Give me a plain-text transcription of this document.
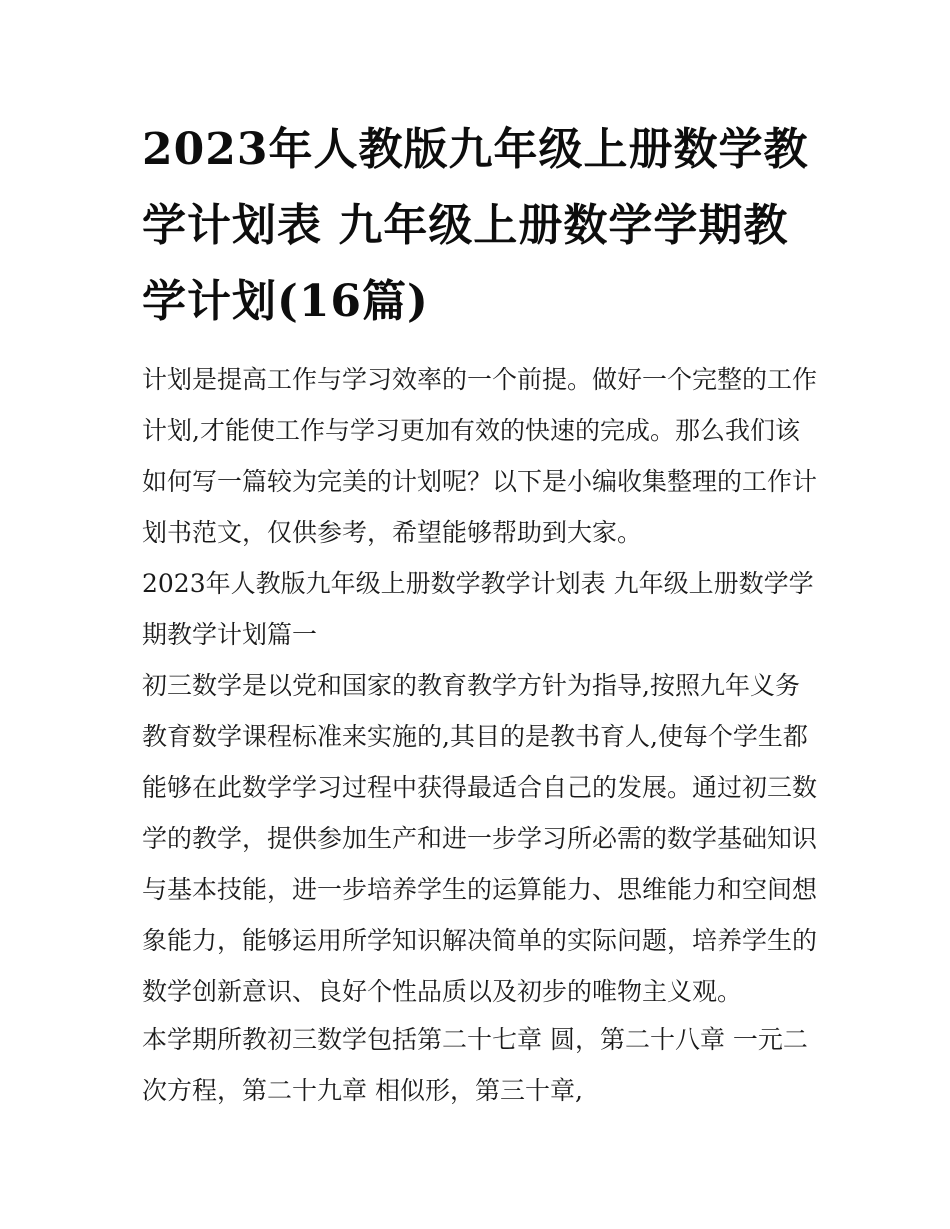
2023年人教版九年级上册数学教学计划表 九年级上册数学学期教学计划(16篇)

计划是提高工作与学习效率的一个前提。做好一个完整的工作计划,才能使工作与学习更加有效的快速的完成。那么我们该如何写一篇较为完美的计划呢？以下是小编收集整理的工作计划书范文，仅供参考，希望能够帮助到大家。

2023年人教版九年级上册数学教学计划表 九年级上册数学学期教学计划篇一

初三数学是以党和国家的教育教学方针为指导,按照九年义务教育数学课程标准来实施的,其目的是教书育人,使每个学生都能够在此数学学习过程中获得最适合自己的发展。通过初三数学的教学，提供参加生产和进一步学习所必需的数学基础知识与基本技能，进一步培养学生的运算能力、思维能力和空间想象能力，能够运用所学知识解决简单的实际问题，培养学生的数学创新意识、良好个性品质以及初步的唯物主义观。

本学期所教初三数学包括第二十七章 圆，第二十八章 一元二次方程，第二十九章 相似形，第三十章,
